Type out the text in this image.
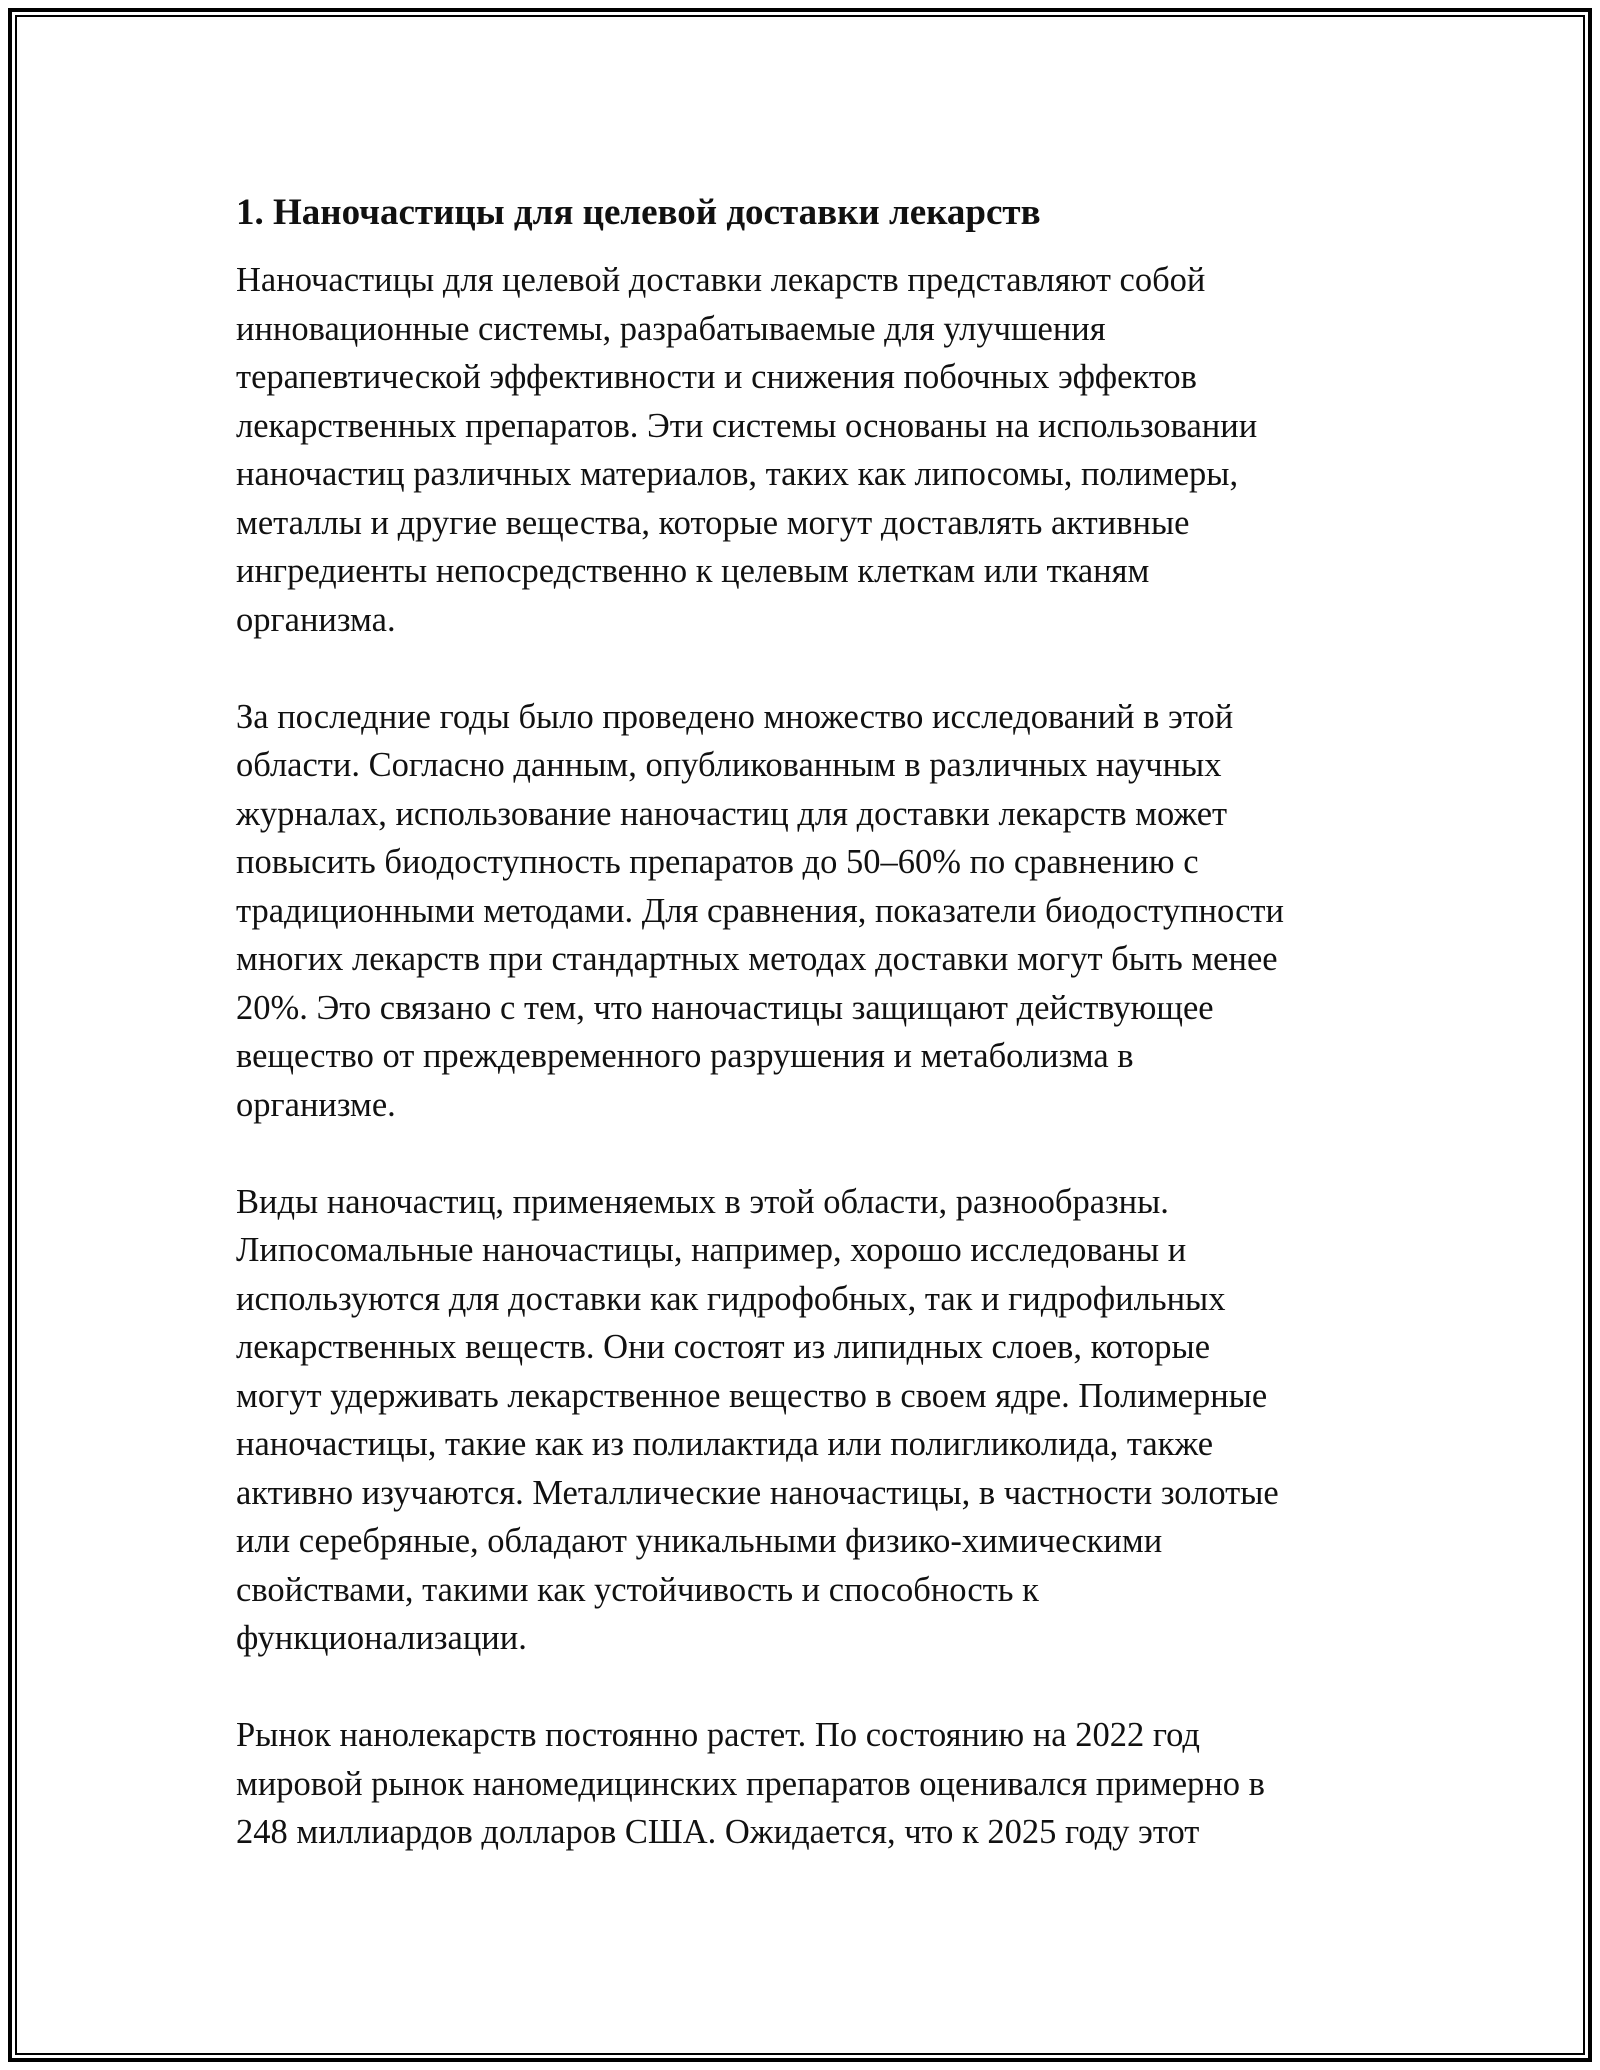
1. Наночастицы для целевой доставки лекарств
Наночастицы для целевой доставки лекарств представляют собой
инновационные системы, разрабатываемые для улучшения
терапевтической эффективности и снижения побочных эффектов
лекарственных препаратов. Эти системы основаны на использовании
наночастиц различных материалов, таких как липосомы, полимеры,
металлы и другие вещества, которые могут доставлять активные
ингредиенты непосредственно к целевым клеткам или тканям
организма.
За последние годы было проведено множество исследований в этой
области. Согласно данным, опубликованным в различных научных
журналах, использование наночастиц для доставки лекарств может
повысить биодоступность препаратов до 50–60% по сравнению с
традиционными методами. Для сравнения, показатели биодоступности
многих лекарств при стандартных методах доставки могут быть менее
20%. Это связано с тем, что наночастицы защищают действующее
вещество от преждевременного разрушения и метаболизма в
организме.
Виды наночастиц, применяемых в этой области, разнообразны.
Липосомальные наночастицы, например, хорошо исследованы и
используются для доставки как гидрофобных, так и гидрофильных
лекарственных веществ. Они состоят из липидных слоев, которые
могут удерживать лекарственное вещество в своем ядре. Полимерные
наночастицы, такие как из полилактида или полигликолида, также
активно изучаются. Металлические наночастицы, в частности золотые
или серебряные, обладают уникальными физико-химическими
свойствами, такими как устойчивость и способность к
функционализации.
Рынок нанолекарств постоянно растет. По состоянию на 2022 год
мировой рынок наномедицинских препаратов оценивался примерно в
248 миллиардов долларов США. Ожидается, что к 2025 году этот
